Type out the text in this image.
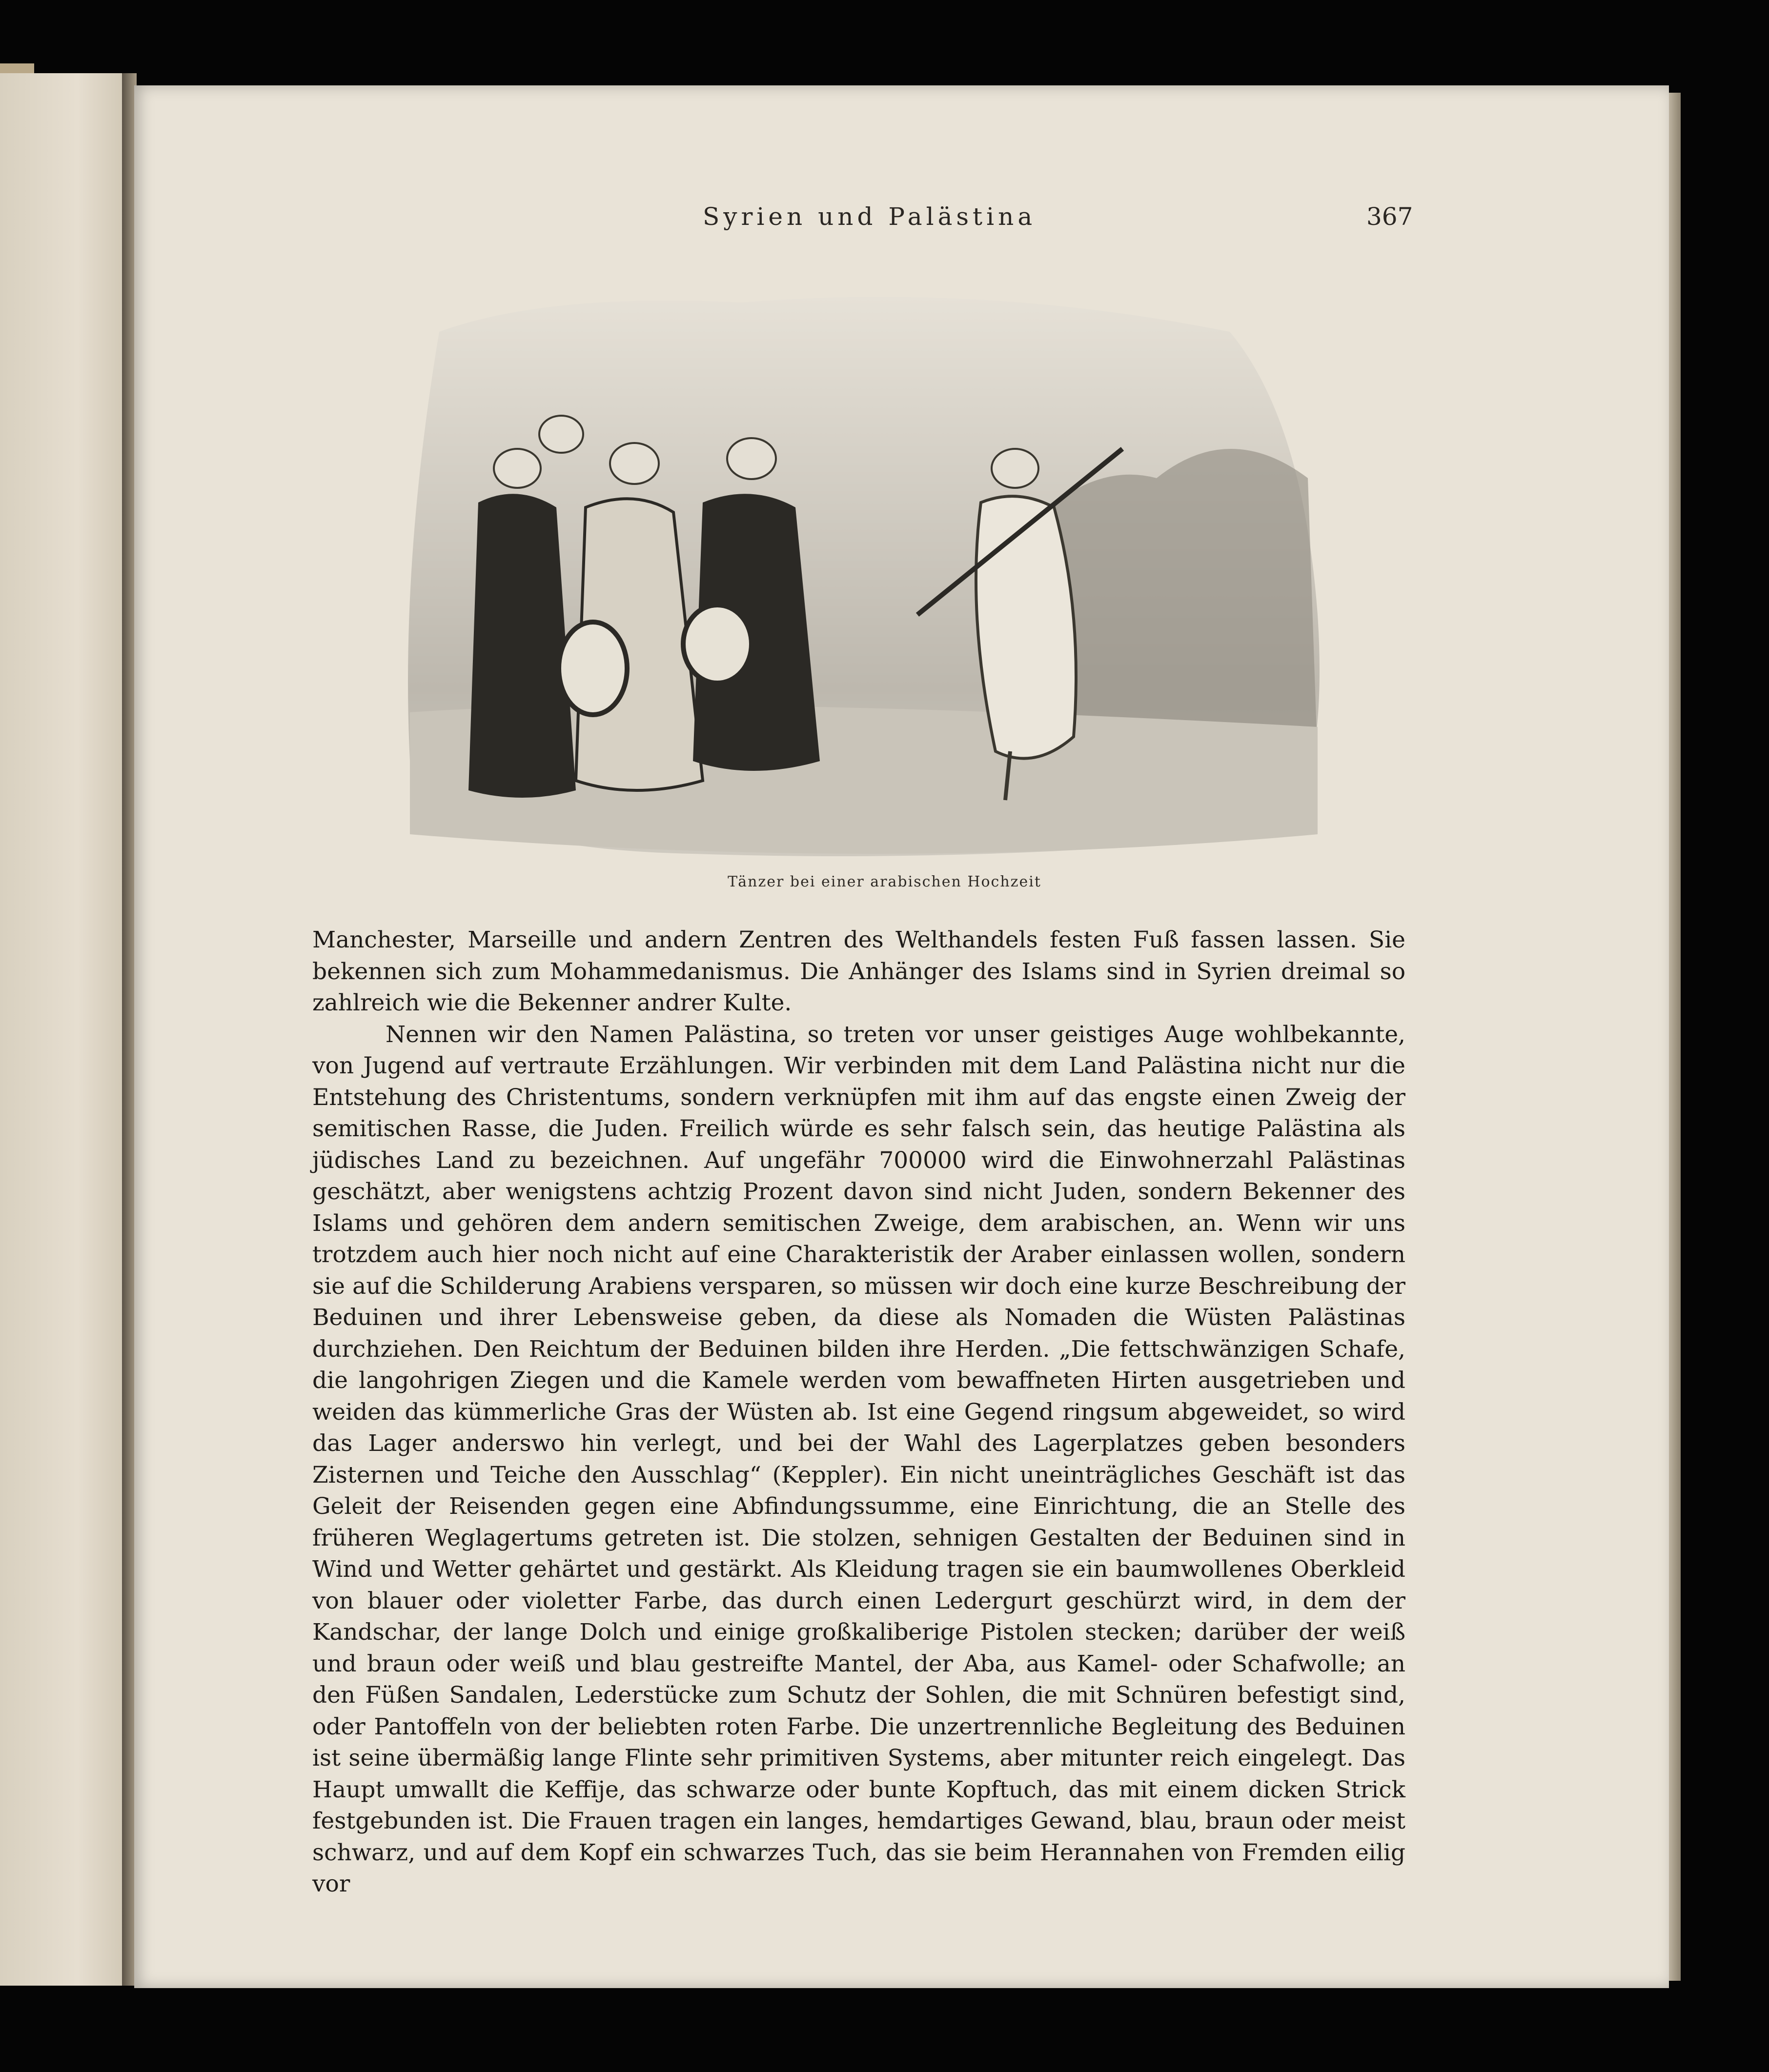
Syrien und Palästina	367
Tänzer bei einer arabischen Hochzeit

Manchester, Marseille und andern Zentren des Welthandels festen Fuß fassen lassen. Sie bekennen sich zum Mohammedanismus. Die Anhänger des Islams sind in Syrien dreimal so zahlreich wie die Bekenner andrer Kulte.

Nennen wir den Namen Palästina, so treten vor unser geistiges Auge wohlbekannte, von Jugend auf vertraute Erzählungen. Wir verbinden mit dem Land Palästina nicht nur die Entstehung des Christentums, sondern verknüpfen mit ihm auf das engste einen Zweig der semitischen Rasse, die Juden. Freilich würde es sehr falsch sein, das heutige Palästina als jüdisches Land zu bezeichnen. Auf ungefähr 700000 wird die Einwohnerzahl Palästinas geschätzt, aber wenigstens achtzig Prozent davon sind nicht Juden, sondern Bekenner des Islams und gehören dem andern semitischen Zweige, dem arabischen, an. Wenn wir uns trotzdem auch hier noch nicht auf eine Charakteristik der Araber einlassen wollen, sondern sie auf die Schilderung Arabiens versparen, so müssen wir doch eine kurze Beschreibung der Beduinen und ihrer Lebensweise geben, da diese als Nomaden die Wüsten Palästinas durchziehen. Den Reichtum der Beduinen bilden ihre Herden. „Die fettschwänzigen Schafe, die langohrigen Ziegen und die Kamele werden vom bewaffneten Hirten ausgetrieben und weiden das kümmerliche Gras der Wüsten ab. Ist eine Gegend ringsum abgeweidet, so wird das Lager anderswo hin verlegt, und bei der Wahl des Lagerplatzes geben besonders Zisternen und Teiche den Ausschlag“ (Keppler). Ein nicht uneinträgliches Geschäft ist das Geleit der Reisenden gegen eine Abfindungssumme, eine Einrichtung, die an Stelle des früheren Weglagertums getreten ist. Die stolzen, sehnigen Gestalten der Beduinen sind in Wind und Wetter gehärtet und gestärkt. Als Kleidung tragen sie ein baumwollenes Oberkleid von blauer oder violetter Farbe, das durch einen Ledergurt geschürzt wird, in dem der Kandschar, der lange Dolch und einige großkaliberige Pistolen stecken; darüber der weiß und braun oder weiß und blau gestreifte Mantel, der Aba, aus Kamel- oder Schafwolle; an den Füßen Sandalen, Lederstücke zum Schutz der Sohlen, die mit Schnüren befestigt sind, oder Pantoffeln von der beliebten roten Farbe. Die unzertrennliche Begleitung des Beduinen ist seine übermäßig lange Flinte sehr primitiven Systems, aber mitunter reich eingelegt. Das Haupt umwallt die Keffije, das schwarze oder bunte Kopftuch, das mit einem dicken Strick festgebunden ist. Die Frauen tragen ein langes, hemdartiges Gewand, blau, braun oder meist schwarz, und auf dem Kopf ein schwarzes Tuch, das sie beim Herannahen von Fremden eilig vor
